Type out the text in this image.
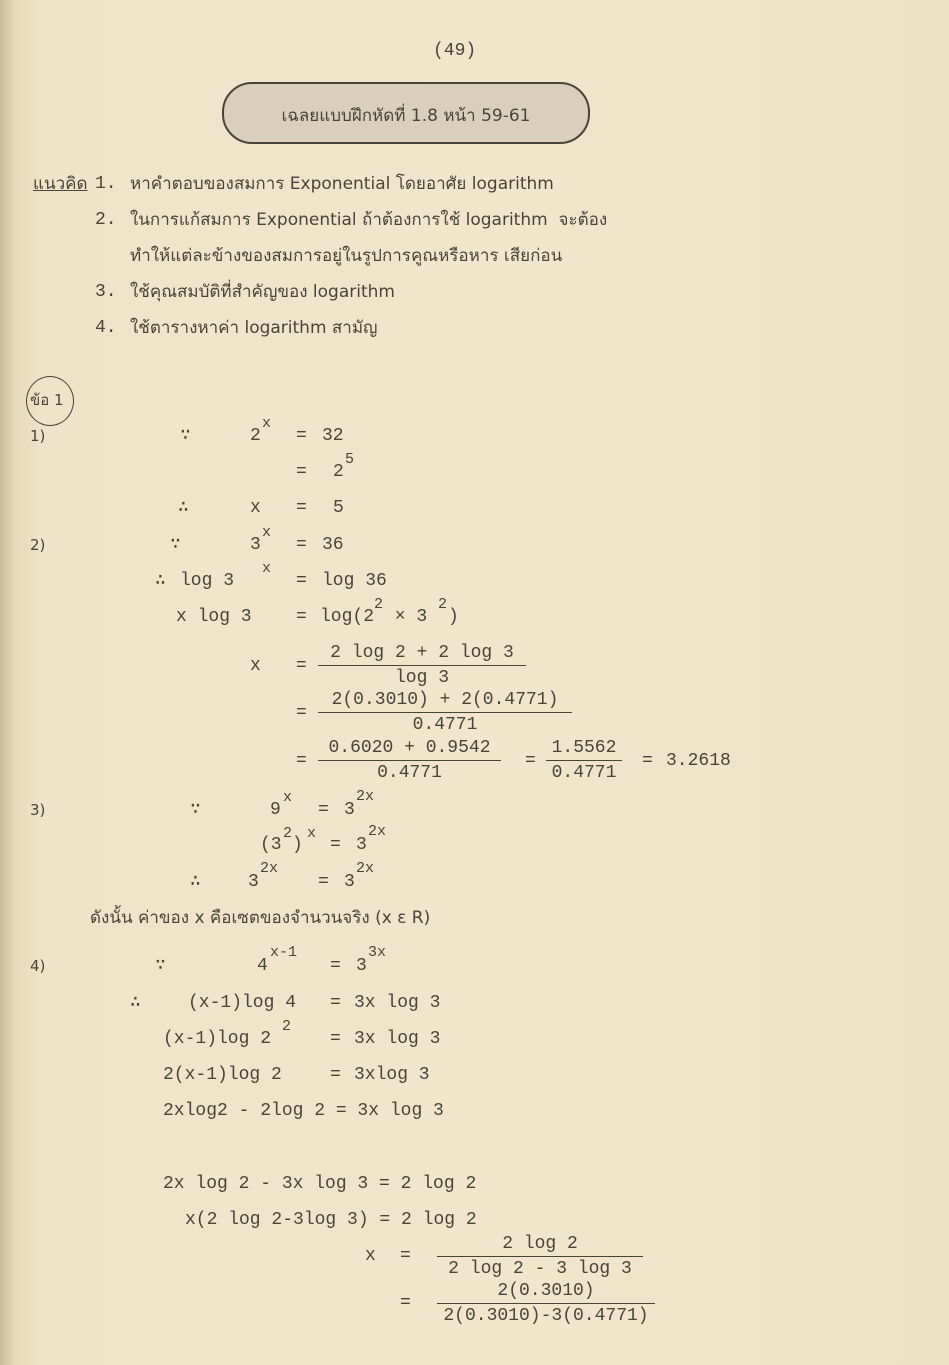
(49)
เฉลยแบบฝึกหัดที่ 1.8 หน้า 59-61
แนวคิด 1. หาคำตอบของสมการ Exponential โดยอาศัย logarithm
2. ในการแก้สมการ Exponential ถ้าต้องการใช้ logarithm  จะต้อง
ทำให้แต่ละข้างของสมการอยู่ในรูปการคูณหรือหาร เสียก่อน
3. ใช้คุณสมบัติที่สำคัญของ logarithm
4. ใช้ตารางหาค่า logarithm สามัญ
ข้อ 1
1)	∵	2
x
= 32
= 2
5
∴	x = 5
2)	∵	3
x
= 36
∴ log 3
x
= log 36
x log 3 = log(2
2
× 3
2
)
x =
2 log 2 + 2 log 3
log 3
=
2(0.3010) + 2(0.4771)
0.4771
=
0.6020 + 0.9542
0.4771
=
1.5562
0.4771
= 3.2618
3)	∵	9
x
= 3
2x
(3
2
)
x
= 3
2x
∴	3
2x
= 3
2x
ดังนั้น ค่าของ x คือเซตของจำนวนจริง (x ε R)
4)	∵	4
x-1
= 3
3x
∴	(x-1)log 4 = 3x log 3
(x-1)log 2
2
= 3x log 3
2(x-1)log 2	= 3xlog 3
2xlog2 - 2log 2 = 3x log 3
2x log 2 - 3x log 3 = 2 log 2
x(2 log 2-3log 3) = 2 log 2
x =
2 log 2
2 log 2 - 3 log 3
=
2(0.3010)
2(0.3010)-3(0.4771)
